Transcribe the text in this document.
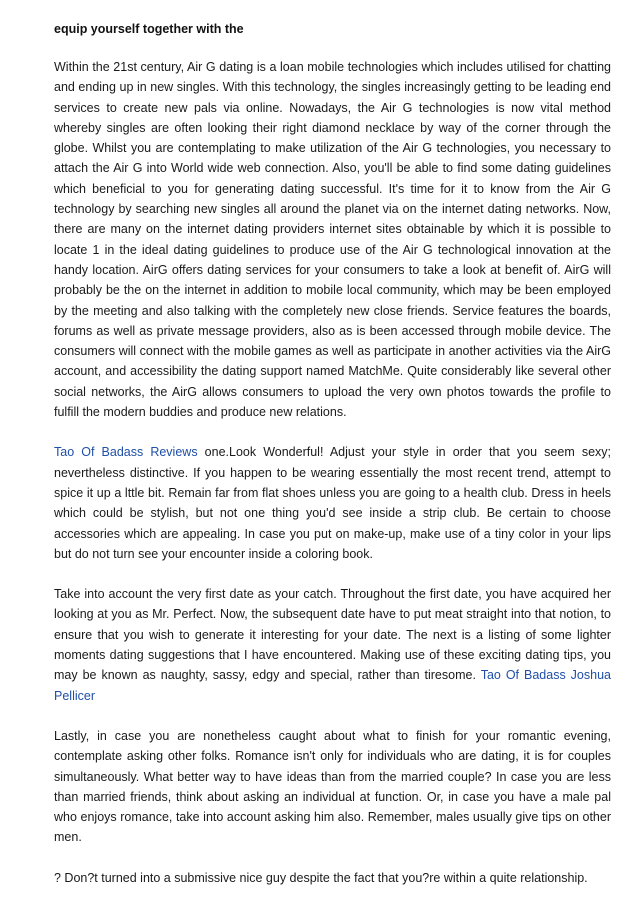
equip yourself together with the

Within the 21st century, Air G dating is a loan mobile technologies which includes utilised for chatting and ending up in new singles. With this technology, the singles increasingly getting to be leading end services to create new pals via online. Nowadays, the Air G technologies is now vital method whereby singles are often looking their right diamond necklace by way of the corner through the globe. Whilst you are contemplating to make utilization of the Air G technologies, you necessary to attach the Air G into World wide web connection. Also, you'll be able to find some dating guidelines which beneficial to you for generating dating successful. It's time for it to know from the Air G technology by searching new singles all around the planet via on the internet dating networks. Now, there are many on the internet dating providers internet sites obtainable by which it is possible to locate 1 in the ideal dating guidelines to produce use of the Air G technological innovation at the handy location. AirG offers dating services for your consumers to take a look at benefit of. AirG will probably be the on the internet in addition to mobile local community, which may be been employed by the meeting and also talking with the completely new close friends. Service features the boards, forums as well as private message providers, also as is been accessed through mobile device. The consumers will connect with the mobile games as well as participate in another activities via the AirG account, and accessibility the dating support named MatchMe. Quite considerably like several other social networks, the AirG allows consumers to upload the very own photos towards the profile to fulfill the modern buddies and produce new relations.

Tao Of Badass Reviews one.Look Wonderful! Adjust your style in order that you seem sexy; nevertheless distinctive. If you happen to be wearing essentially the most recent trend, attempt to spice it up a lttle bit. Remain far from flat shoes unless you are going to a health club. Dress in heels which could be stylish, but not one thing you'd see inside a strip club. Be certain to choose accessories which are appealing. In case you put on make-up, make use of a tiny color in your lips but do not turn see your encounter inside a coloring book.

Take into account the very first date as your catch. Throughout the first date, you have acquired her looking at you as Mr. Perfect. Now, the subsequent date have to put meat straight into that notion, to ensure that you wish to generate it interesting for your date. The next is a listing of some lighter moments dating suggestions that I have encountered. Making use of these exciting dating tips, you may be known as naughty, sassy, edgy and special, rather than tiresome. Tao Of Badass Joshua Pellicer

Lastly, in case you are nonetheless caught about what to finish for your romantic evening, contemplate asking other folks. Romance isn't only for individuals who are dating, it is for couples simultaneously. What better way to have ideas than from the married couple? In case you are less than married friends, think about asking an individual at function. Or, in case you have a male pal who enjoys romance, take into account asking him also. Remember, males usually give tips on other men.

? Don?t turned into a submissive nice guy despite the fact that you?re within a quite relationship.
